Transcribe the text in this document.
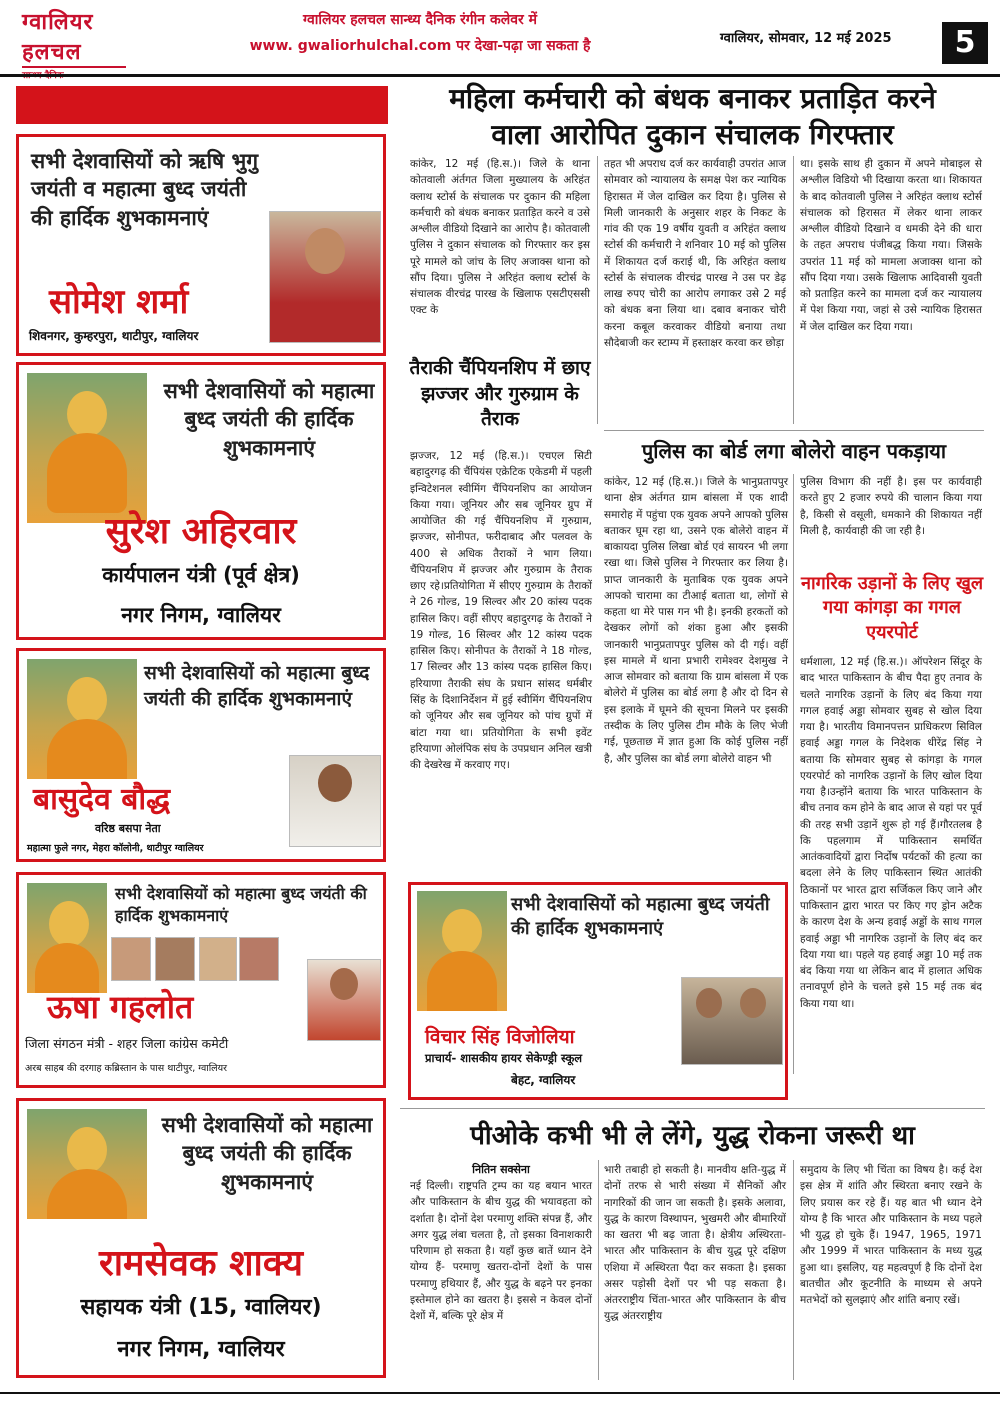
ग्वालियर
हलचल
ग्वालियर हलचल सान्ध्य दैनिक रंगीन कलेवर में
www. gwaliorhulchal.com पर देखा-पढ़ा जा सकता है	ग्वालियर, सोमवार, 12 मई 2025	5
सभी देशवासियों को ऋषि भुगु जयंती व महात्मा बुध्द जयंती की हार्दिक शुभकामनाएं
सोमेश शर्मा
शिवनगर, कुम्हरपुरा, थाटीपुर, ग्वालियर
सभी देशवासियों को महात्मा बुध्द जयंती की हार्दिक शुभकामनाएं
सुरेश अहिरवार
कार्यपालन यंत्री (पूर्व क्षेत्र)
नगर निगम, ग्वालियर
सभी देशवासियों को महात्मा बुध्द जयंती की हार्दिक शुभकामनाएं
बासुदेव बौद्ध
वरिष्ठ बसपा नेता
महात्मा फुले नगर, मेहरा कॉलोनी, थाटीपुर ग्वालियर
सभी देशवासियों को महात्मा बुध्द जयंती की हार्दिक शुभकामनाएं
ऊषा गहलोत
जिला संगठन मंत्री - शहर जिला कांग्रेस कमेटी
अरब साहब की दरगाह कब्रिस्तान के पास थाटीपुर, ग्वालियर
सभी देशवासियों को महात्मा बुध्द जयंती की हार्दिक शुभकामनाएं
रामसेवक शाक्य
सहायक यंत्री (15, ग्वालियर)
नगर निगम, ग्वालियर
महिला कर्मचारी को बंधक बनाकर प्रताड़ित करने
वाला आरोपित दुकान संचालक गिरफ्तार
कांकेर, 12 मई (हि.स.)। जिले के थाना कोतवाली अंर्तगत जिला मुख्यालय के अरिहंत क्लाथ स्टोर्स के संचालक पर दुकान की महिला कर्मचारी को बंधक बनाकर प्रताड़ित करने व उसे अश्लील वीडियो दिखाने का आरोप है। कोतवाली पुलिस ने दुकान संचालक को गिरफ्तार कर इस पूरे मामले को जांच के लिए अजाक्स थाना को सौंप दिया। पुलिस ने अरिहंत क्लाथ स्टोर्स के संचालक वीरचंद्र पारख के खिलाफ एसटीएससी एक्ट के
तहत भी अपराध दर्ज कर कार्यवाही उपरांत आज सोमवार को न्यायालय के समक्ष पेश कर न्यायिक हिरासत में जेल दाखिल कर दिया है। पुलिस से मिली जानकारी के अनुसार शहर के निकट के गांव की एक 19 वर्षीय युवती व अरिहंत क्लाथ स्टोर्स की कर्मचारी ने शनिवार 10 मई को पुलिस में शिकायत दर्ज कराई थी, कि अरिहंत क्लाथ स्टोर्स के संचालक वीरचंद्र पारख ने उस पर डेढ़ लाख रुपए चोरी का आरोप लगाकर उसे 2 मई को बंधक बना लिया था। दबाव बनाकर चोरी करना कबूल करवाकर वीडियो बनाया तथा सौदेबाजी कर स्टाम्प में हस्ताक्षर करवा कर छोड़ा
था। इसके साथ ही दुकान में अपने मोबाइल से अश्लील विडियो भी दिखाया करता था। शिकायत के बाद कोतवाली पुलिस ने अरिहंत क्लाथ स्टोर्स संचालक को हिरासत में लेकर थाना लाकर अश्लील वीडियो दिखाने व धमकी देने की धारा के तहत अपराध पंजीबद्ध किया गया। जिसके उपरांत 11 मई को मामला अजाक्स थाना को सौंप दिया गया। उसके खिलाफ आदिवासी युवती को प्रताड़ित करने का मामला दर्ज कर न्यायालय में पेश किया गया, जहां से उसे न्यायिक हिरासत में जेल दाखिल कर दिया गया।
तैराकी चैंपियनशिप में छाए झज्जर और गुरुग्राम के तैराक
झज्जर, 12 मई (हि.स.)। एचएल सिटी बहादुरगढ़ की चैंपियंस एक्रेटिक एकेडमी में पहली इन्विटेशनल स्वीमिंग चैंपियनशिप का आयोजन किया गया। जूनियर और सब जूनियर ग्रुप में आयोजित की गई चैंपियनशिप में गुरुग्राम, झज्जर, सोनीपत, फरीदाबाद और पलवल के 400 से अधिक तैराकों ने भाग लिया। चैंपियनशिप में झज्जर और गुरुग्राम के तैराक छाए रहे।प्रतियोगिता में सीएए गुरुग्राम के तैराकों ने 26 गोल्ड, 19 सिल्वर और 20 कांस्य पदक हासिल किए। वहीं सीएए बहादुरगढ़ के तैराकों ने 19 गोल्ड, 16 सिल्वर और 12 कांस्य पदक हासिल किए। सोनीपत के तैराकों ने 18 गोल्ड, 17 सिल्वर और 13 कांस्य पदक हासिल किए। हरियाणा तैराकी संघ के प्रधान सांसद धर्मबीर सिंह के दिशानिर्देशन में हुई स्वीमिंग चैंपियनशिप को जूनियर और सब जूनियर को पांच ग्रुपों में बांटा गया था। प्रतियोगिता के सभी इवेंट हरियाणा ओलंपिक संघ के उपप्रधान अनिल खत्री की देखरेख में करवाए गए।
पुलिस का बोर्ड लगा बोलेरो वाहन पकड़ाया
कांकेर, 12 मई (हि.स.)। जिले के भानुप्रतापपुर थाना क्षेत्र अंर्तगत ग्राम बांसला में एक शादी समारोह में पहुंचा एक युवक अपने आपको पुलिस बताकर घूम रहा था, उसने एक बोलेरो वाहन में बाकायदा पुलिस लिखा बोर्ड एवं सायरन भी लगा रखा था। जिसे पुलिस ने गिरफ्तार कर लिया है। प्राप्त जानकारी के मुताबिक एक युवक अपने आपको चारामा का टीआई बताता था, लोगों से कहता था मेरे पास गन भी है। इनकी हरकतों को देखकर लोगों को शंका हुआ और इसकी जानकारी भानुप्रतापपुर पुलिस को दी गई। वहीं इस मामले में थाना प्रभारी रामेश्वर देशमुख ने आज सोमवार को बताया कि ग्राम बांसला में एक बोलेरो में पुलिस का बोर्ड लगा है और दो दिन से इस इलाके में घूमने की सूचना मिलने पर इसकी तस्दीक के लिए पुलिस टीम मौके के लिए भेजी गई, पूछताछ में ज्ञात हुआ कि कोई पुलिस नहीं है, और पुलिस का बोर्ड लगा बोलेरो वाहन भी
पुलिस विभाग की नहीं है। इस पर कार्यवाही करते हुए 2 हजार रुपये की चालान किया गया है, किसी से वसूली, धमकाने की शिकायत नहीं मिली है, कार्यवाही की जा रही है।
नागरिक उड़ानों के लिए खुल गया कांगड़ा का गगल एयरपोर्ट
धर्मशाला, 12 मई (हि.स.)। ऑपरेशन सिंदूर के बाद भारत पाकिस्तान के बीच पैदा हुए तनाव के चलते नागरिक उड़ानों के लिए बंद किया गया गगल हवाई अड्डा सोमवार सुबह से खोल दिया गया है। भारतीय विमानपत्तन प्राधिकरण सिविल हवाई अड्डा गगल के निदेशक धीरेंद्र सिंह ने बताया कि सोमवार सुबह से कांगड़ा के गगल एयरपोर्ट को नागरिक उड़ानों के लिए खोल दिया गया है।उन्होंने बताया कि भारत पाकिस्तान के बीच तनाव कम होने के बाद आज से यहां पर पूर्व की तरह सभी उड़ानें शुरू हो गई हैं।गौरतलब है कि पहलगाम में पाकिस्तान समर्थित आतंकवादियों द्वारा निर्दोष पर्यटकों की हत्या का बदला लेने के लिए पाकिस्तान स्थित आतंकी ठिकानों पर भारत द्वारा सर्जिकल किए जाने और पाकिस्तान द्वारा भारत पर किए गए ड्रोन अटैक के कारण देश के अन्य हवाई अड्डों के साथ गगल हवाई अड्डा भी नागरिक उड़ानों के लिए बंद कर दिया गया था। पहले यह हवाई अड्डा 10 मई तक बंद किया गया था लेकिन बाद में हालात अधिक तनावपूर्ण होने के चलते इसे 15 मई तक बंद किया गया था।
सभी देशवासियों को महात्मा बुध्द जयंती की हार्दिक शुभकामनाएं
विचार सिंह विजोलिया
प्राचार्य- शासकीय हायर सेकेण्ड्री स्कूल
बेहट, ग्वालियर
पीओके कभी भी ले लेंगे, युद्ध रोकना जरूरी था
नितिन सक्सेना
नई दिल्ली। राष्ट्रपति ट्रम्प का यह बयान भारत और पाकिस्तान के बीच युद्ध की भयावहता को दर्शाता है। दोनों देश परमाणु शक्ति संपन्न हैं, और अगर युद्ध लंबा चलता है, तो इसका विनाशकारी परिणाम हो सकता है। यहाँ कुछ बातें ध्यान देने योग्य हैं- परमाणु खतरा-दोनों देशों के पास परमाणु हथियार हैं, और युद्ध के बढ़ने पर इनका इस्तेमाल होने का खतरा है। इससे न केवल दोनों देशों में, बल्कि पूरे क्षेत्र में
भारी तबाही हो सकती है। मानवीय क्षति-युद्ध में दोनों तरफ से भारी संख्या में सैनिकों और नागरिकों की जान जा सकती है। इसके अलावा, युद्ध के कारण विस्थापन, भुखमरी और बीमारियों का खतरा भी बढ़ जाता है। क्षेत्रीय अस्थिरता-भारत और पाकिस्तान के बीच युद्ध पूरे दक्षिण एशिया में अस्थिरता पैदा कर सकता है। इसका असर पड़ोसी देशों पर भी पड़ सकता है।अंतरराष्ट्रीय चिंता-भारत और पाकिस्तान के बीच युद्ध अंतरराष्ट्रीय
समुदाय के लिए भी चिंता का विषय है। कई देश इस क्षेत्र में शांति और स्थिरता बनाए रखने के लिए प्रयास कर रहे हैं। यह बात भी ध्यान देने योग्य है कि भारत और पाकिस्तान के मध्य पहले भी युद्ध हो चुके हैं। 1947, 1965, 1971 और 1999 में भारत पाकिस्तान के मध्य युद्ध हुआ था। इसलिए, यह महत्वपूर्ण है कि दोनों देश बातचीत और कूटनीति के माध्यम से अपने मतभेदों को सुलझाएं और शांति बनाए रखें।
